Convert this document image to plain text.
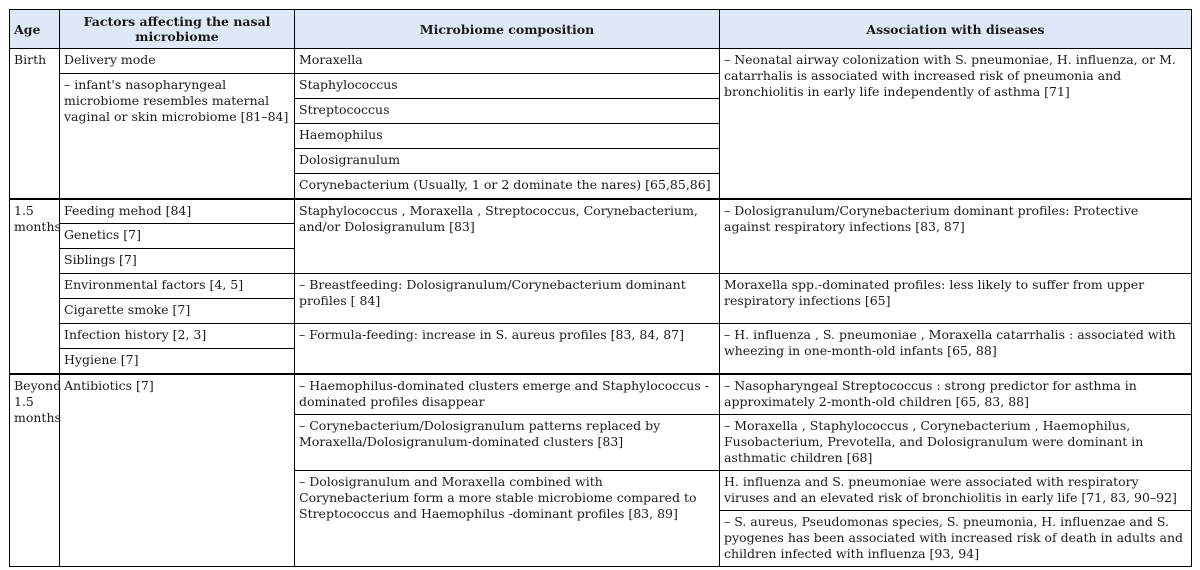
Age	Factors affecting the nasal microbiome	Microbiome composition	Association with diseases
Birth	Delivery mode	Moraxella	– Neonatal airway colonization with S. pneumoniae, H. influenza, or M. catarrhalis is associated with increased risk of pneumonia and bronchiolitis in early life independently of asthma [71]
	– infant's nasopharyngeal microbiome resembles maternal vaginal or skin microbiome [81–84]	Staphylococcus	
		Streptococcus	
		Haemophilus	
		Dolosigranulum	
		Corynebacterium (Usually, 1 or 2 dominate the nares) [65,85,86]	
1.5 months	Feeding mehod [84]	Staphylococcus , Moraxella , Streptococcus, Corynebacterium, and/or Dolosigranulum [83]	– Dolosigranulum/Corynebacterium dominant profiles: Protective against respiratory infections [83, 87]
	Genetics [7]		
	Siblings [7]		
	Environmental factors [4, 5]	– Breastfeeding: Dolosigranulum/Corynebacterium dominant profiles [ 84]	Moraxella spp.-dominated profiles: less likely to suffer from upper respiratory infections [65]
	Cigarette smoke [7]		
	Infection history [2, 3]	– Formula-feeding: increase in S. aureus profiles [83, 84, 87]	– H. influenza , S. pneumoniae , Moraxella catarrhalis : associated with wheezing in one-month-old infants [65, 88]
	Hygiene [7]		
Beyond 1.5 months	Antibiotics [7]	– Haemophilus-dominated clusters emerge and Staphylococcus -dominated profiles disappear	– Nasopharyngeal Streptococcus : strong predictor for asthma in approximately 2-month-old children [65, 83, 88]
		– Corynebacterium/Dolosigranulum patterns replaced by Moraxella/Dolosigranulum-dominated clusters [83]	– Moraxella , Staphylococcus , Corynebacterium , Haemophilus, Fusobacterium, Prevotella, and Dolosigranulum were dominant in asthmatic children [68]
		– Dolosigranulum and Moraxella combined with Corynebacterium form a more stable microbiome compared to Streptococcus and Haemophilus -dominant profiles [83, 89]	H. influenza and S. pneumoniae were associated with respiratory viruses and an elevated risk of bronchiolitis in early life [71, 83, 90–92]
			– S. aureus, Pseudomonas species, S. pneumonia, H. influenzae and S. pyogenes has been associated with increased risk of death in adults and children infected with influenza [93, 94]
